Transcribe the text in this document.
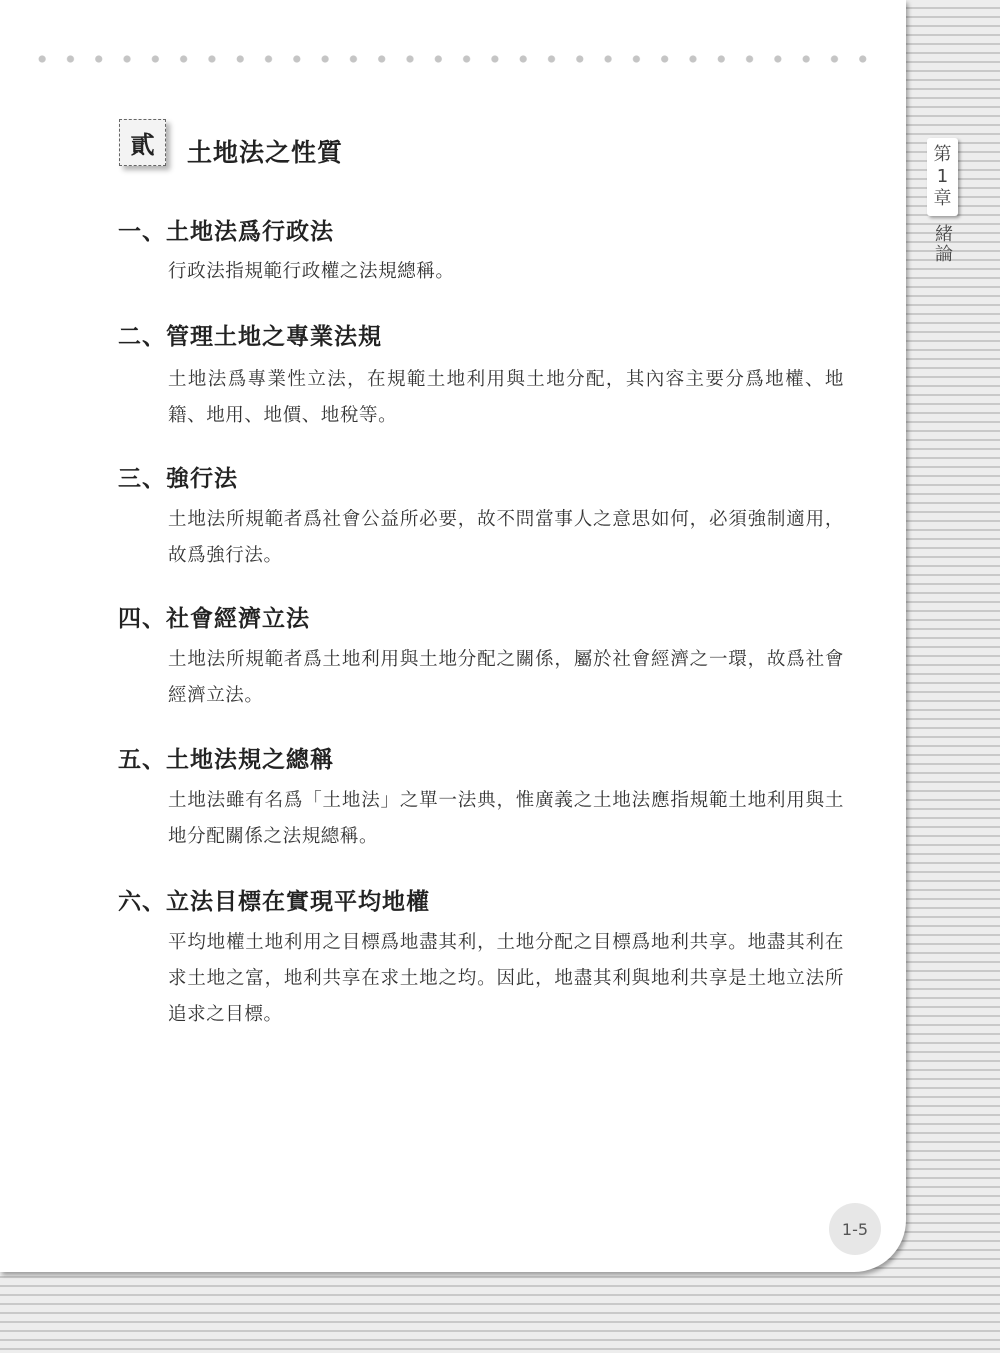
貳	土地法之性質
一、土地法爲行政法
行政法指規範行政權之法規總稱。
二、管理土地之專業法規
土地法爲專業性立法，在規範土地利用與土地分配，其內容主要分爲地權、地籍、地用、地價、地稅等。
三、強行法
土地法所規範者爲社會公益所必要，故不問當事人之意思如何，必須強制適用，故爲強行法。
四、社會經濟立法
土地法所規範者爲土地利用與土地分配之關係，屬於社會經濟之一環，故爲社會經濟立法。
五、土地法規之總稱
土地法雖有名爲「土地法」之單一法典，惟廣義之土地法應指規範土地利用與土地分配關係之法規總稱。
六、立法目標在實現平均地權
平均地權土地利用之目標爲地盡其利，土地分配之目標爲地利共享。地盡其利在求土地之富，地利共享在求土地之均。因此，地盡其利與地利共享是土地立法所追求之目標。
1-5
第
1
章
緒論
